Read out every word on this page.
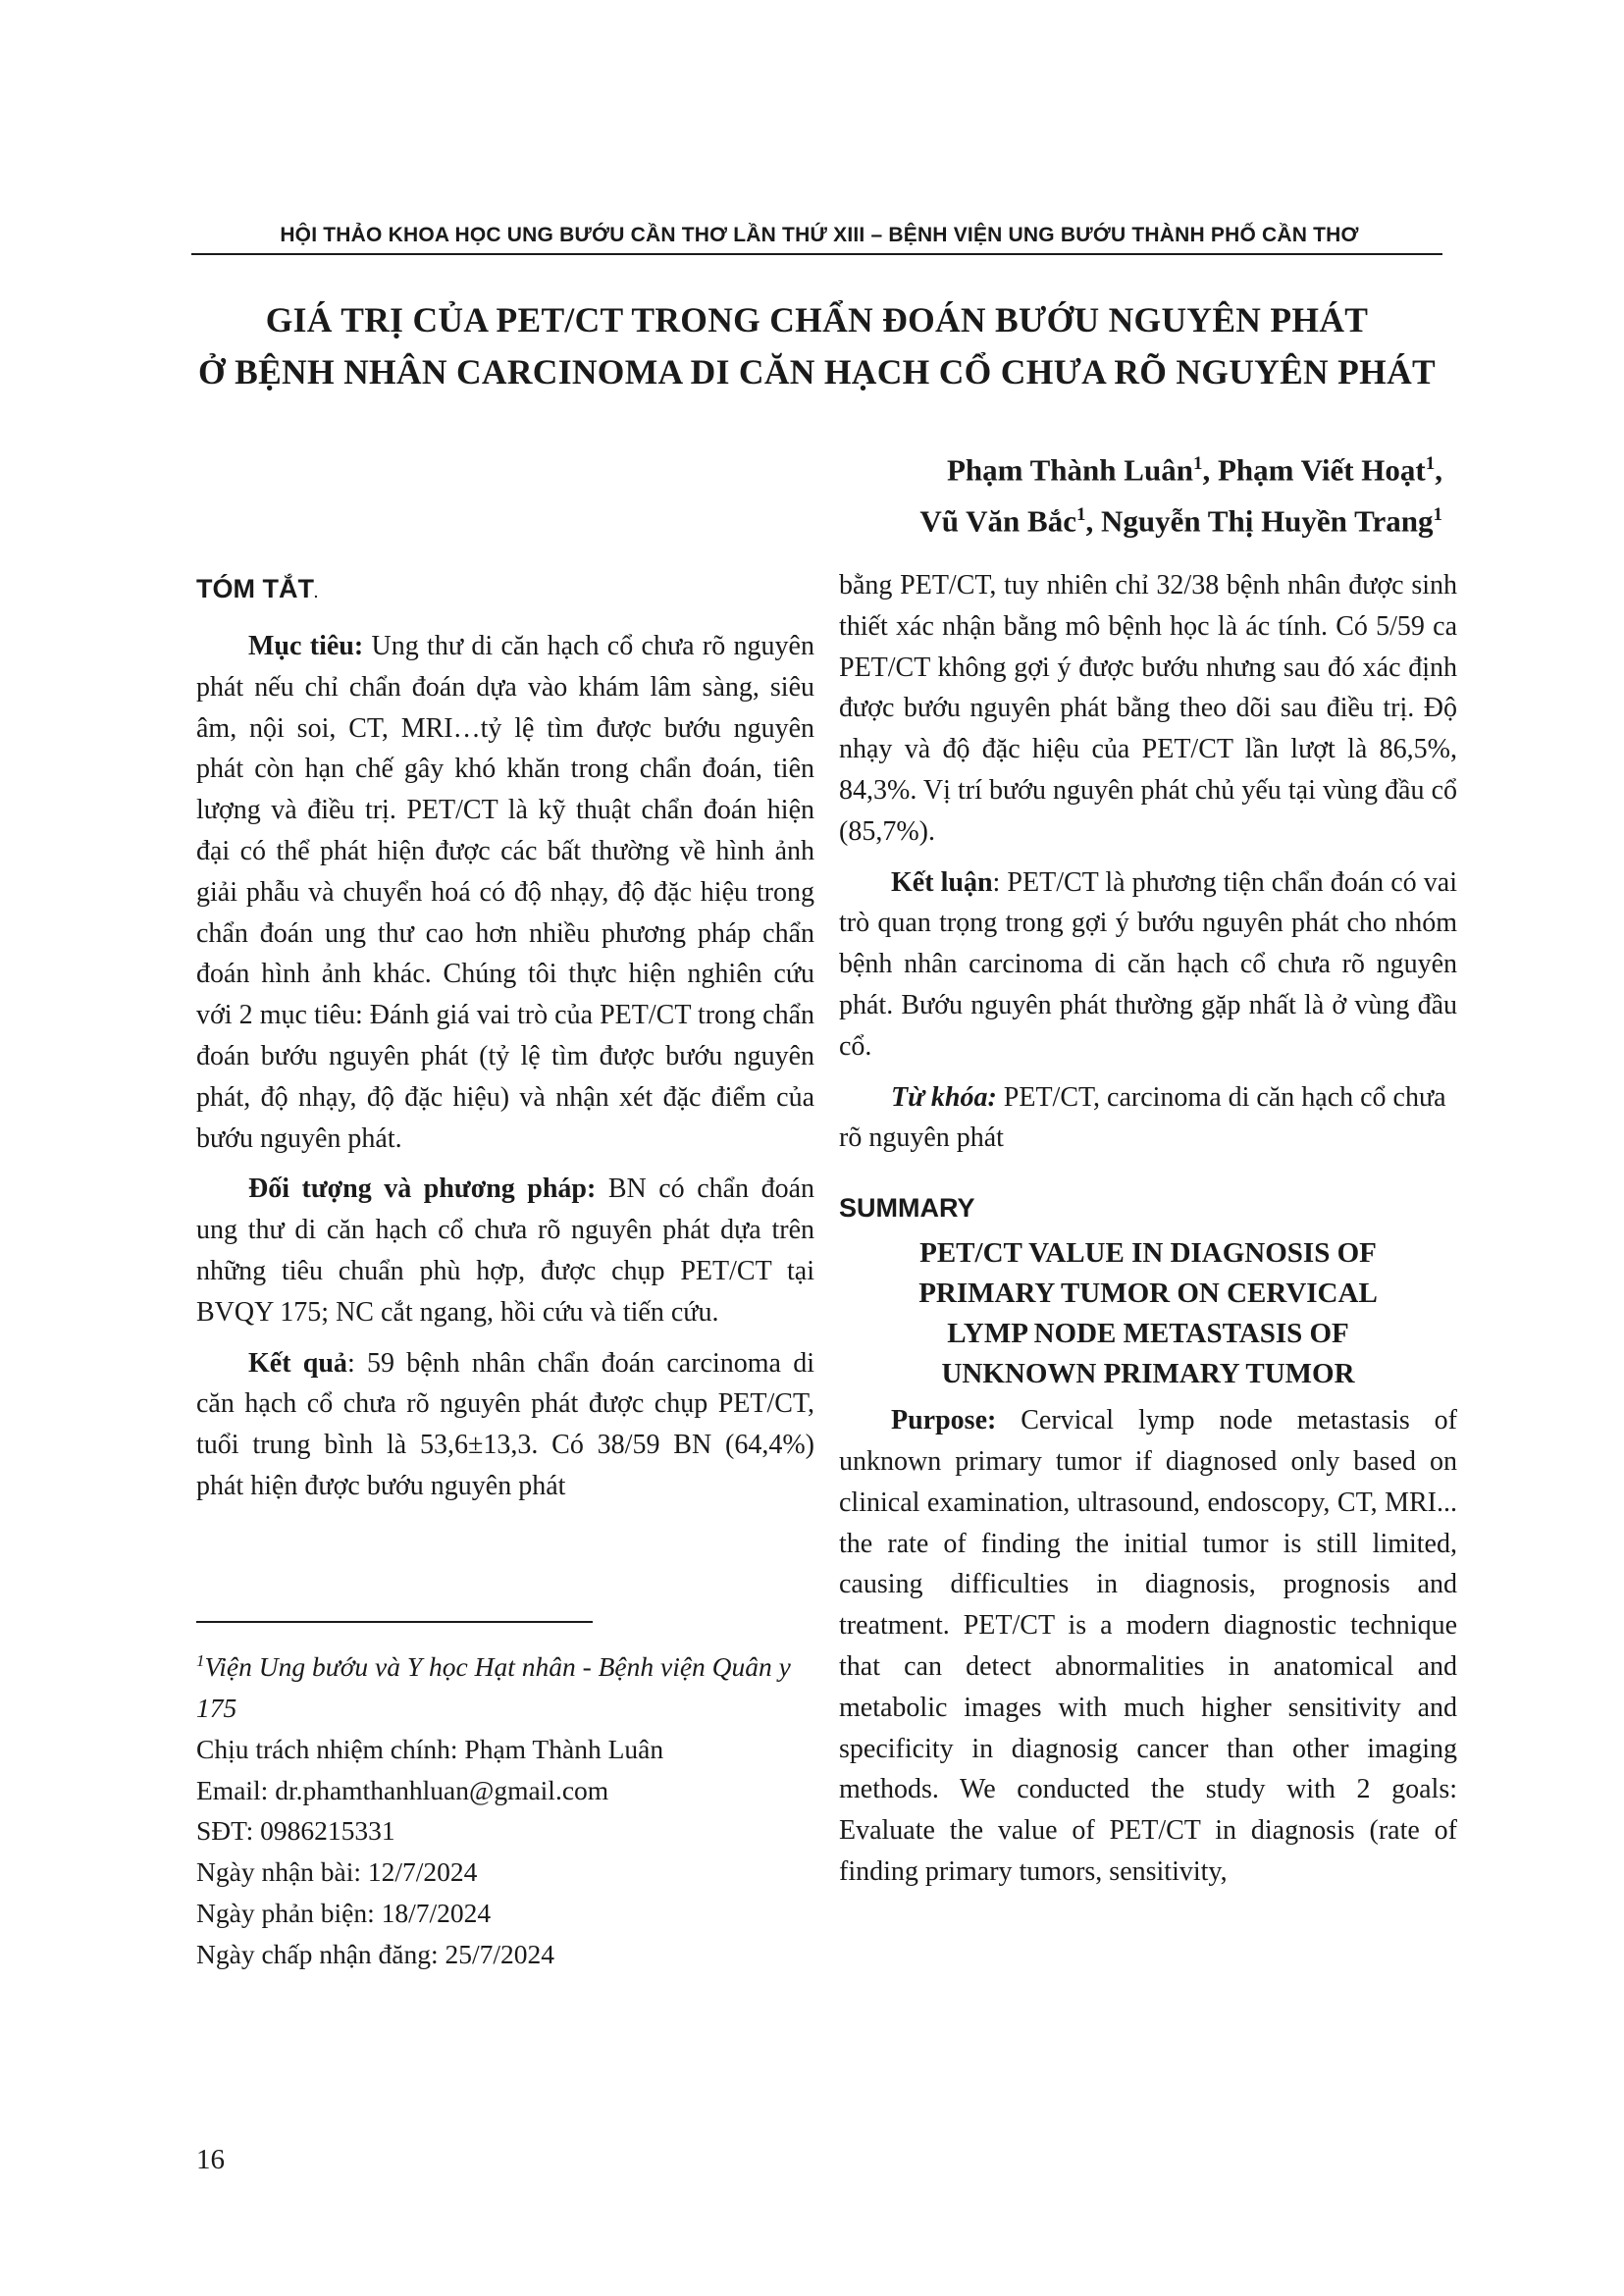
HỘI THẢO KHOA HỌC UNG BƯỚU CẦN THƠ LẦN THỨ XIII – BỆNH VIỆN UNG BƯỚU THÀNH PHỐ CẦN THƠ
GIÁ TRỊ CỦA PET/CT TRONG CHẨN ĐOÁN BƯỚU NGUYÊN PHÁT
Ở BỆNH NHÂN CARCINOMA DI CĂN HẠCH CỔ CHƯA RÕ NGUYÊN PHÁT
Phạm Thành Luân$^1$, Phạm Viết Hoạt$^1$,
Vũ Văn Bắc$^1$, Nguyễn Thị Huyền Trang$^1$
TÓM TẮT.

Mục tiêu: Ung thư di căn hạch cổ chưa rõ nguyên phát nếu chỉ chẩn đoán dựa vào khám lâm sàng, siêu âm, nội soi, CT, MRI…tỷ lệ tìm được bướu nguyên phát còn hạn chế gây khó khăn trong chẩn đoán, tiên lượng và điều trị. PET/CT là kỹ thuật chẩn đoán hiện đại có thể phát hiện được các bất thường về hình ảnh giải phẫu và chuyển hoá có độ nhạy, độ đặc hiệu trong chẩn đoán ung thư cao hơn nhiều phương pháp chẩn đoán hình ảnh khác. Chúng tôi thực hiện nghiên cứu với 2 mục tiêu: Đánh giá vai trò của PET/CT trong chẩn đoán bướu nguyên phát (tỷ lệ tìm được bướu nguyên phát, độ nhạy, độ đặc hiệu) và nhận xét đặc điểm của bướu nguyên phát.

Đối tượng và phương pháp: BN có chẩn đoán ung thư di căn hạch cổ chưa rõ nguyên phát dựa trên những tiêu chuẩn phù hợp, được chụp PET/CT tại BVQY 175; NC cắt ngang, hồi cứu và tiến cứu.

Kết quả: 59 bệnh nhân chẩn đoán carcinoma di căn hạch cổ chưa rõ nguyên phát được chụp PET/CT, tuổi trung bình là 53,6±13,3. Có 38/59 BN (64,4%) phát hiện được bướu nguyên phát

$^1$Viện Ung bướu và Y học Hạt nhân - Bệnh viện Quân y 175
Chịu trách nhiệm chính: Phạm Thành Luân
Email: dr.phamthanhluan@gmail.com
SĐT: 0986215331
Ngày nhận bài: 12/7/2024
Ngày phản biện: 18/7/2024
Ngày chấp nhận đăng: 25/7/2024

bằng PET/CT, tuy nhiên chỉ 32/38 bệnh nhân được sinh thiết xác nhận bằng mô bệnh học là ác tính. Có 5/59 ca PET/CT không gợi ý được bướu nhưng sau đó xác định được bướu nguyên phát bằng theo dõi sau điều trị. Độ nhạy và độ đặc hiệu của PET/CT lần lượt là 86,5%, 84,3%. Vị trí bướu nguyên phát chủ yếu tại vùng đầu cổ (85,7%).

Kết luận: PET/CT là phương tiện chẩn đoán có vai trò quan trọng trong gợi ý bướu nguyên phát cho nhóm bệnh nhân carcinoma di căn hạch cổ chưa rõ nguyên phát. Bướu nguyên phát thường gặp nhất là ở vùng đầu cổ.

Từ khóa: PET/CT, carcinoma di căn hạch cổ chưa rõ nguyên phát

SUMMARY
PET/CT VALUE IN DIAGNOSIS OF
PRIMARY TUMOR ON CERVICAL
LYMP NODE METASTASIS OF
UNKNOWN PRIMARY TUMOR

Purpose: Cervical lymp node metastasis of unknown primary tumor if diagnosed only based on clinical examination, ultrasound, endoscopy, CT, MRI... the rate of finding the initial tumor is still limited, causing difficulties in diagnosis, prognosis and treatment. PET/CT is a modern diagnostic technique that can detect abnormalities in anatomical and metabolic images with much higher sensitivity and specificity in diagnosig cancer than other imaging methods. We conducted the study with 2 goals: Evaluate the value of PET/CT in diagnosis (rate of finding primary tumors, sensitivity,

16
